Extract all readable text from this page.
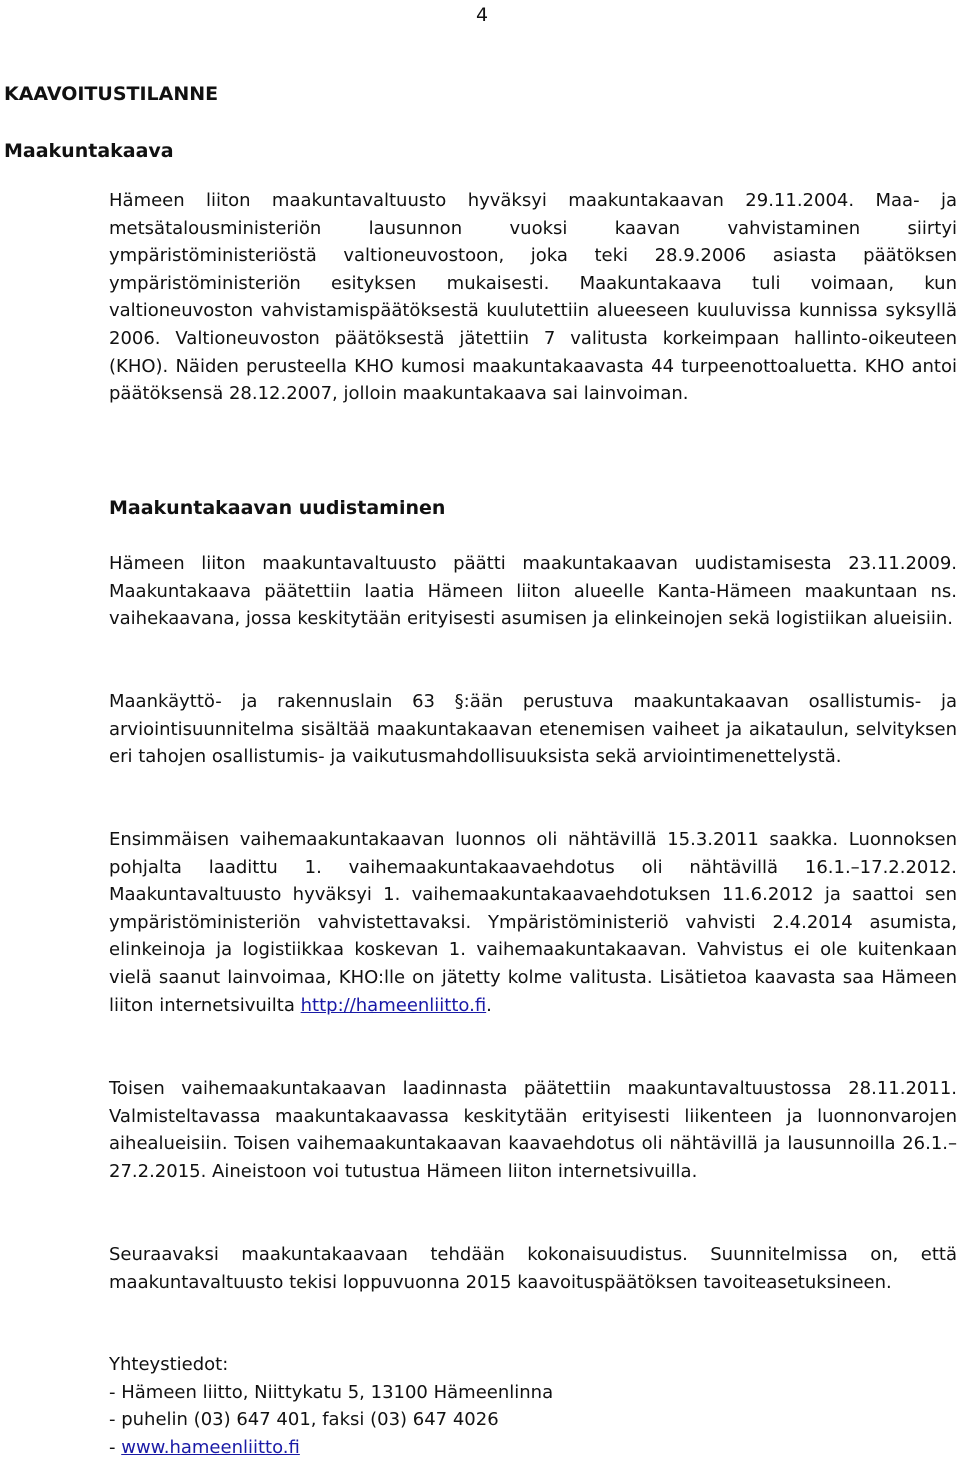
4
KAAVOITUSTILANNE
Maakuntakaava

Hämeen liiton maakuntavaltuusto hyväksyi maakuntakaavan 29.11.2004. Maa- ja metsätalousministeriön lausunnon vuoksi kaavan vahvistaminen siirtyi ympäristöministeriöstä valtioneuvostoon, joka teki 28.9.2006 asiasta päätöksen ympäristöministeriön esityksen mukaisesti. Maakuntakaava tuli voimaan, kun valtioneuvoston vahvistamispäätöksestä kuulutettiin alueeseen kuuluvissa kunnissa syksyllä 2006. Valtioneuvoston päätöksestä jätettiin 7 valitusta korkeimpaan hallinto-oikeuteen (KHO). Näiden perusteella KHO kumosi maakuntakaavasta 44 turpeenottoaluetta. KHO antoi päätöksensä 28.12.2007, jolloin maakuntakaava sai lainvoiman.

Maakuntakaavan uudistaminen

Hämeen liiton maakuntavaltuusto päätti maakuntakaavan uudistamisesta 23.11.2009. Maakuntakaava päätettiin laatia Hämeen liiton alueelle Kanta-Hämeen maakuntaan ns. vaihekaavana, jossa keskitytään erityisesti asumisen ja elinkeinojen sekä logistiikan alueisiin.

Maankäyttö- ja rakennuslain 63 §:ään perustuva maakuntakaavan osallistumis- ja arviointisuunnitelma sisältää maakuntakaavan etenemisen vaiheet ja aikataulun, selvityksen eri tahojen osallistumis- ja vaikutusmahdollisuuksista sekä arviointimenettelystä.

Ensimmäisen vaihemaakuntakaavan luonnos oli nähtävillä 15.3.2011 saakka. Luonnoksen pohjalta laadittu 1. vaihemaakuntakaavaehdotus oli nähtävillä 16.1.–17.2.2012. Maakuntavaltuusto hyväksyi 1. vaihemaakuntakaavaehdotuksen 11.6.2012 ja saattoi sen ympäristöministeriön vahvistettavaksi. Ympäristöministeriö vahvisti 2.4.2014 asumista, elinkeinoja ja logistiikkaa koskevan 1. vaihemaakuntakaavan. Vahvistus ei ole kuitenkaan vielä saanut lainvoimaa, KHO:lle on jätetty kolme valitusta. Lisätietoa kaavasta saa Hämeen liiton internetsivuilta http://hameenliitto.fi.

Toisen vaihemaakuntakaavan laadinnasta päätettiin maakuntavaltuustossa 28.11.2011. Valmisteltavassa maakuntakaavassa keskitytään erityisesti liikenteen ja luonnonvarojen aihealueisiin. Toisen vaihemaakuntakaavan kaavaehdotus oli nähtävillä ja lausunnoilla 26.1.–27.2.2015. Aineistoon voi tutustua Hämeen liiton internetsivuilla.

Seuraavaksi maakuntakaavaan tehdään kokonaisuudistus. Suunnitelmissa on, että maakuntavaltuusto tekisi loppuvuonna 2015 kaavoituspäätöksen tavoiteasetuksineen.

Yhteystiedot:
- Hämeen liitto, Niittykatu 5, 13100 Hämeenlinna
- puhelin (03) 647 401, faksi (03) 647 4026
- www.hameenliitto.fi
